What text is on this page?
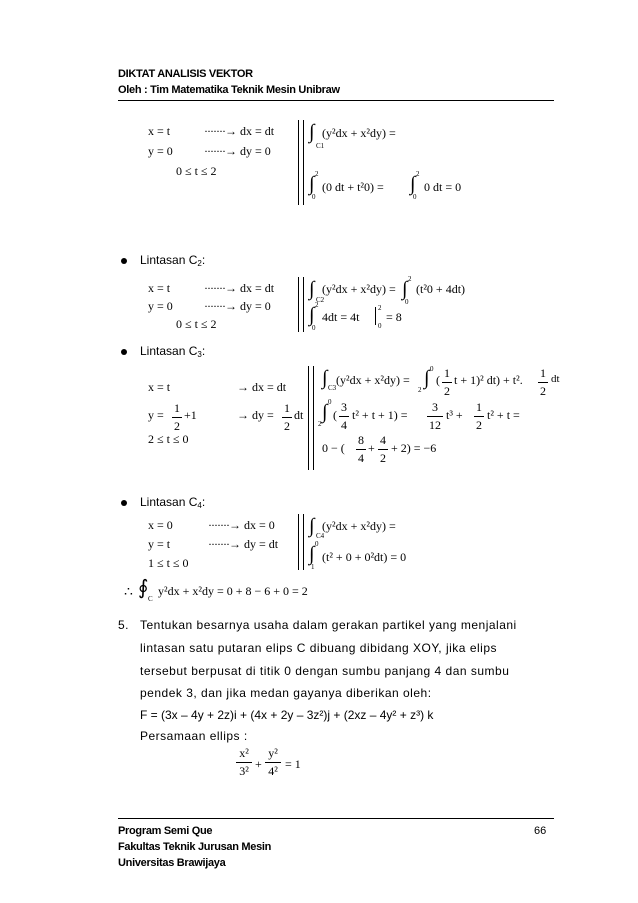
DIKTAT ANALISIS VEKTOR
Oleh : Tim Matematika Teknik Mesin Unibraw
x = t	·······→ dx = dt
y = 0	·······→ dy = 0
0 ≤ t ≤ 2
∫
C1
(y²dx + x²dy) =
∫ 2
0
(0 dt + t²0) = ∫ 2
0
0 dt = 0
Lintasan C2:
x = t	·······→ dx = dt
y = 0	·······→ dy = 0
0 ≤ t ≤ 2
∫ C2
(y²dx + x²dy) = ∫ 2
0
(t²0 + 4dt)
∫ 2
0
4dt = 4t
2
0
= 8
Lintasan C3:
x = t	→ dx = dt
y = 1
2
+1	→ dy = 1
2
dt
2 ≤ t ≤ 0
∫ C3
(y²dx + x²dy) = ∫ 0
2
( 1
2
t + 1)² dt) + t². 1
2
dt
∫ 0
2
(
3
4
t² + t + 1) =
3
12
t³ +
1
2
t² + t =
0 − (
8
4
+
4
2
+ 2) = −6
Lintasan C4:
x = 0	·······→ dx = 0
y = t	·······→ dy = dt
1 ≤ t ≤ 0
∫ C4
(y²dx + x²dy) =
∫ 0
1
(t² + 0 + 0²dt) = 0
∴ ∮ C
y²dx + x²dy = 0 + 8 − 6 + 0 = 2
5. Tentukan besarnya usaha dalam gerakan partikel yang menjalani
lintasan satu putaran elips C dibuang dibidang XOY, jika elips
tersebut berpusat di titik 0 dengan sumbu panjang 4 dan sumbu
pendek 3, dan jika medan gayanya diberikan oleh:
F = (3x – 4y + 2z)i + (4x + 2y – 3z²)j + (2xz – 4y² + z³) k
Persamaan ellips :
x²
3² +
y²
4² = 1
Program Semi Que
Fakultas Teknik Jurusan Mesin
Universitas Brawijaya
66
